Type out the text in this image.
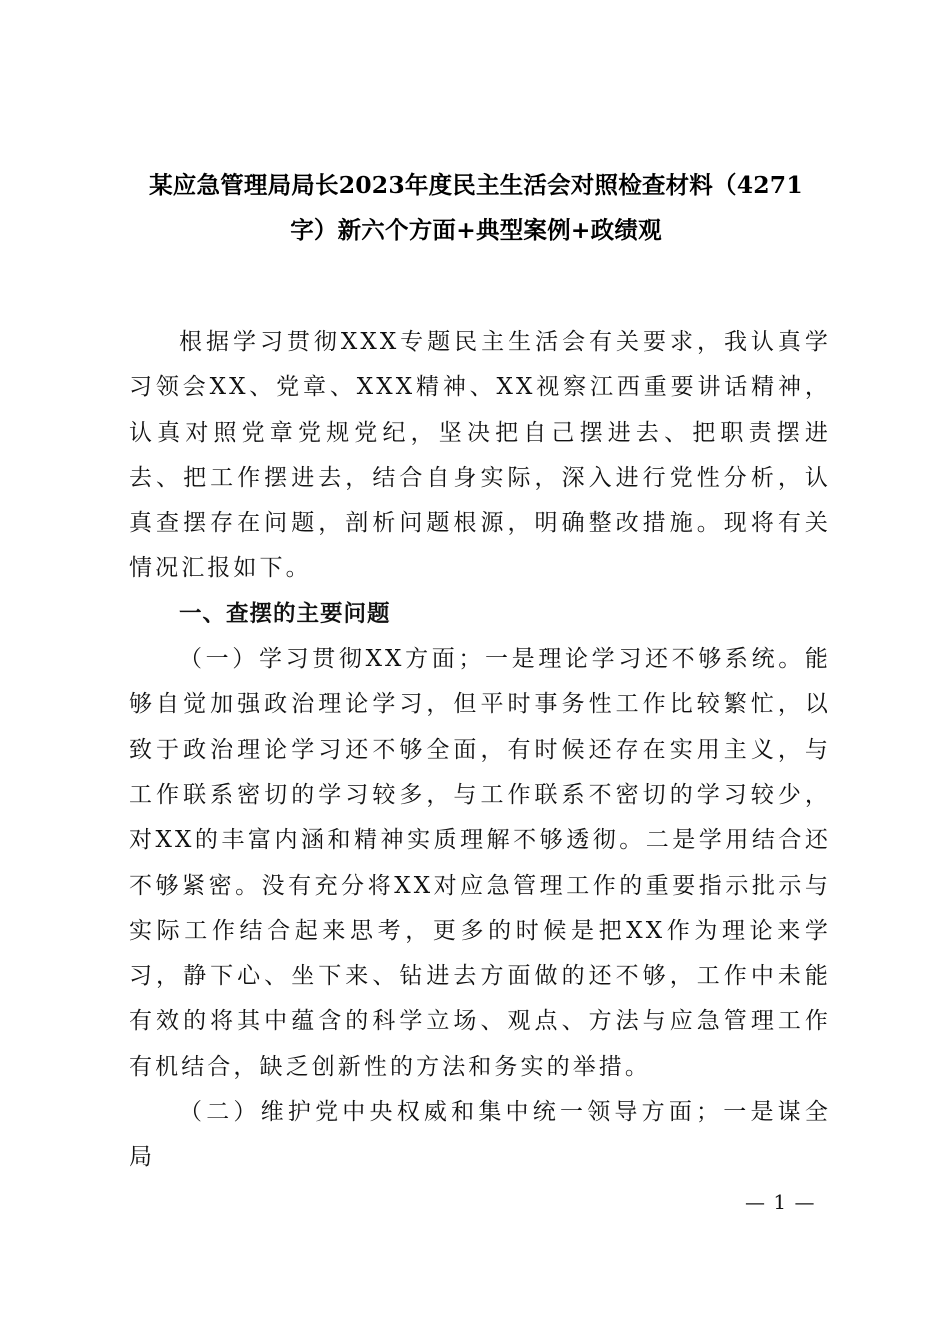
某应急管理局局长2023年度民主生活会对照检查材料（4271
字）新六个方面+典型案例+政绩观

根据学习贯彻XXX专题民主生活会有关要求，我认真学习领会XX、党章、XXX精神、XX视察江西重要讲话精神，认真对照党章党规党纪，坚决把自己摆进去、把职责摆进去、把工作摆进去，结合自身实际，深入进行党性分析，认真查摆存在问题，剖析问题根源，明确整改措施。现将有关情况汇报如下。

一、查摆的主要问题

（一）学习贯彻XX方面；一是理论学习还不够系统。能够自觉加强政治理论学习，但平时事务性工作比较繁忙，以致于政治理论学习还不够全面，有时候还存在实用主义，与工作联系密切的学习较多，与工作联系不密切的学习较少，对XX的丰富内涵和精神实质理解不够透彻。二是学用结合还不够紧密。没有充分将XX对应急管理工作的重要指示批示与实际工作结合起来思考，更多的时候是把XX作为理论来学习，静下心、坐下来、钻进去方面做的还不够，工作中未能有效的将其中蕴含的科学立场、观点、方法与应急管理工作有机结合，缺乏创新性的方法和务实的举措。

（二）维护党中央权威和集中统一领导方面；一是谋全局

— 1 —
